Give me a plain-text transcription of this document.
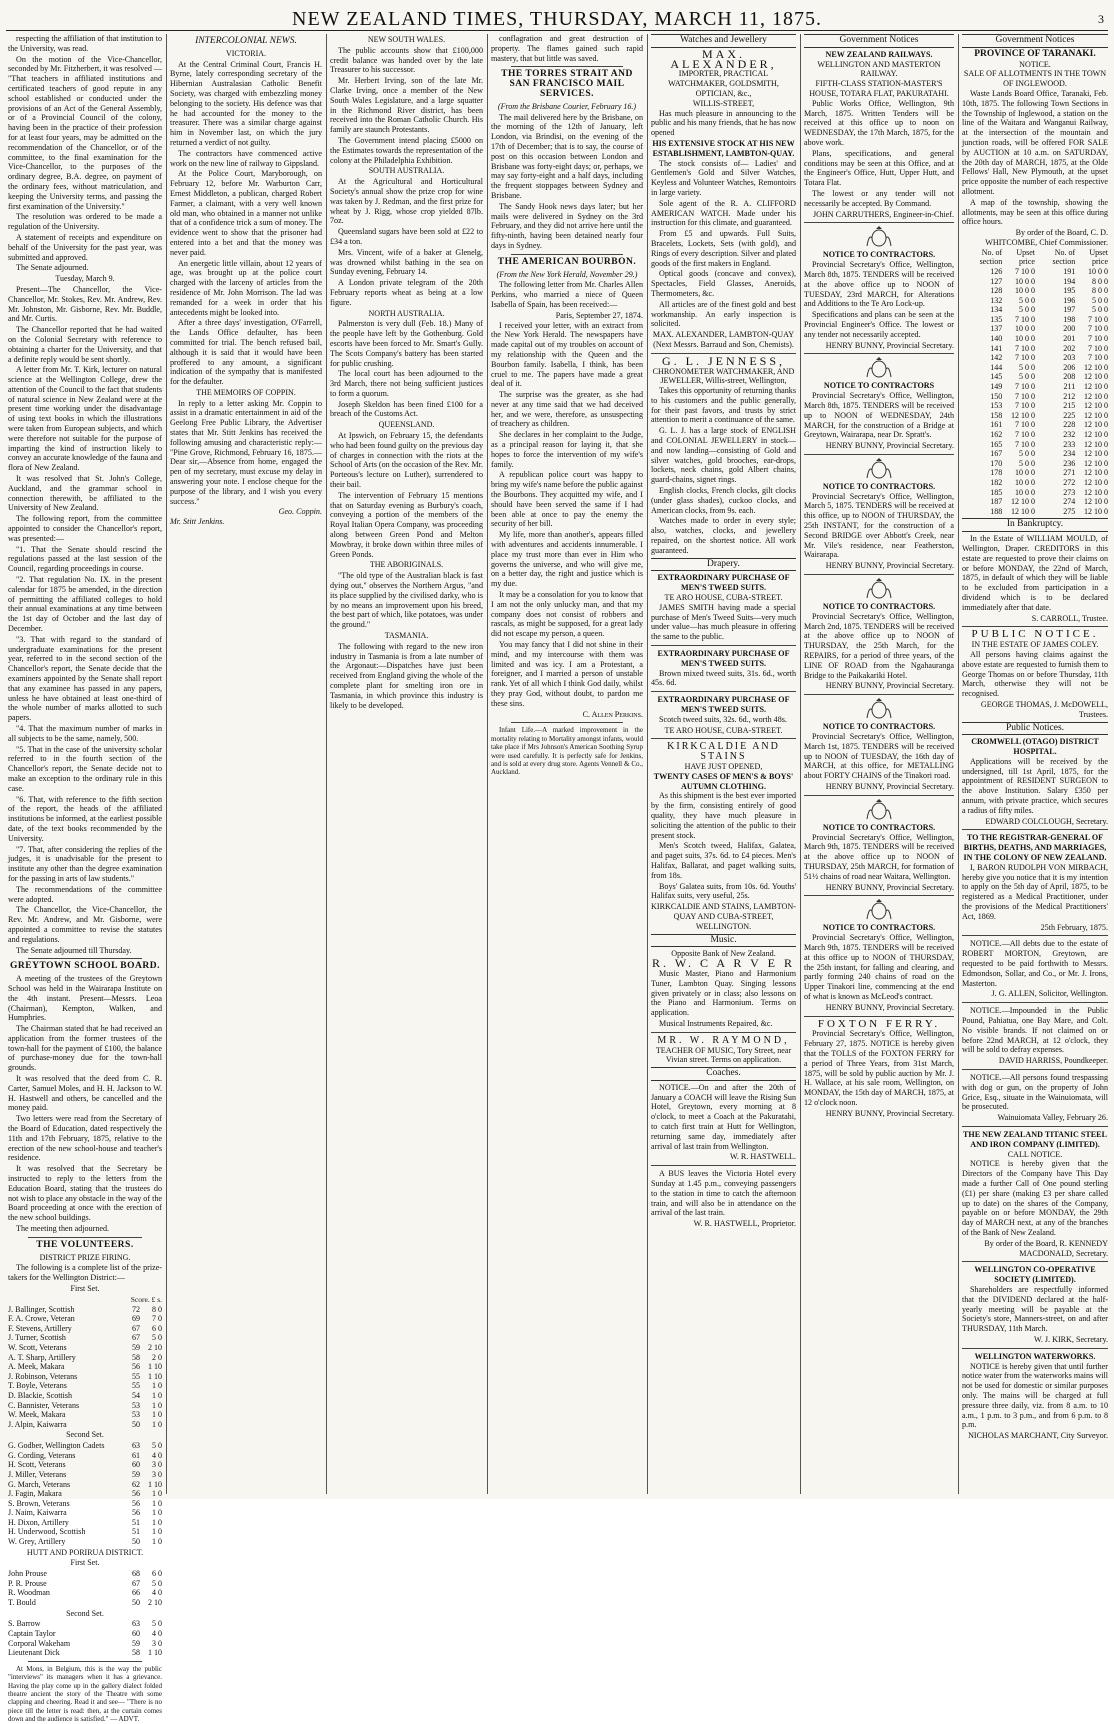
NEW ZEALAND TIMES, THURSDAY, MARCH 11, 1875.	3

respecting the affiliation of that institution to the University, was read.

On the motion of the Vice-Chancellor, seconded by Mr. Fitzherbert, it was resolved — "That teachers in affiliated institutions and certificated teachers of good repute in any school established or conducted under the provisions of an Act of the General Assembly, or of a Provincial Council of the colony, having been in the practice of their profession for at least four years, may be admitted on the recommendation of the Chancellor, or of the committee, to the final examination for the Vice-Chancellor, to the purposes of the ordinary degree, B.A. degree, on payment of the ordinary fees, without matriculation, and keeping the University terms, and passing the first examination of the University."

The resolution was ordered to be made a regulation of the University.

A statement of receipts and expenditure on behalf of the University for the past year, was submitted and approved.

The Senate adjourned.

Tuesday, March 9.

Present—The Chancellor, the Vice-Chancellor, Mr. Stokes, Rev. Mr. Andrew, Rev. Mr. Johnston, Mr. Gisborne, Rev. Mr. Buddle, and Mr. Curtis.

The Chancellor reported that he had waited on the Colonial Secretary with reference to obtaining a charter for the University, and that a definite reply would be sent shortly.

A letter from Mr. T. Kirk, lecturer on natural science at the Wellington College, drew the attention of the Council to the fact that students of natural science in New Zealand were at the present time working under the disadvantage of using text books in which the illustrations were taken from European subjects, and which were therefore not suitable for the purpose of imparting the kind of instruction likely to convey an accurate knowledge of the fauna and flora of New Zealand.

It was resolved that St. John's College, Auckland, and the grammar school in connection therewith, be affiliated to the University of New Zealand.

The following report, from the committee appointed to consider the Chancellor's report, was presented:—

"1. That the Senate should rescind the regulations passed at the last session of the Council, regarding proceedings in course.

"2. That regulation No. IX. in the present calendar for 1875 be amended, in the direction of permitting the affiliated colleges to hold their annual examinations at any time between the 1st day of October and the last day of December.

"3. That with regard to the standard of undergraduate examinations for the present year, referred to in the second section of the Chancellor's report, the Senate decide that the examiners appointed by the Senate shall report that any examinee has passed in any papers, unless he have obtained at least one-third of the whole number of marks allotted to such papers.

"4. That the maximum number of marks in all subjects to be the same, namely, 500.

"5. That in the case of the university scholar referred to in the fourth section of the Chancellor's report, the Senate decide not to make an exception to the ordinary rule in this case.

"6. That, with reference to the fifth section of the report, the heads of the affiliated institutions be informed, at the earliest possible date, of the text books recommended by the University.

"7. That, after considering the replies of the judges, it is unadvisable for the present to institute any other than the degree examination for the passing in arts of law students."

The recommendations of the committee were adopted.

The Chancellor, the Vice-Chancellor, the Rev. Mr. Andrew, and Mr. Gisborne, were appointed a committee to revise the statutes and regulations.

The Senate adjourned till Thursday.

GREYTOWN SCHOOL BOARD.

A meeting of the trustees of the Greytown School was held in the Wairarapa Institute on the 4th instant. Present—Messrs. Leoa (Chairman), Kempton, Walken, and Humphries.

The Chairman stated that he had received an application from the former trustees of the town-hall for the payment of £100, the balance of purchase-money due for the town-hall grounds.

It was resolved that the deed from C. R. Carter, Samuel Moles, and H. H. Jackson to W. H. Hastwell and others, be cancelled and the money paid.

Two letters were read from the Secretary of the Board of Education, dated respectively the 11th and 17th February, 1875, relative to the erection of the new school-house and teacher's residence.

It was resolved that the Secretary be instructed to reply to the letters from the Education Board, stating that the trustees do not wish to place any obstacle in the way of the Board proceeding at once with the erection of the new school buildings.

The meeting then adjourned.

THE VOLUNTEERS.
DISTRICT PRIZE FIRING.

The following is a complete list of the prize-takers for the Wellington District:—

First Set.
Score. £ s.
J. Ballinger, Scottish	72	8 0
F. A. Crowe, Veteran	69	7 0
F. Stevens, Artillery	67	6 0
J. Turner, Scottish	67	5 0
W. Scott, Veterans	59	2 10
A. T. Sharp, Artillery	58	2 0
A. Meek, Makara	56	1 10
J. Robinson, Veterans	55	1 10
T. Boyle, Veterans	55	1 0
D. Blackie, Scottish	54	1 0
C. Bannister, Veterans	53	1 0
W. Meek, Makara	53	1 0
J. Alpin, Kaiwarra	50	1 0
Second Set.
G. Godber, Wellington Cadets	63	5 0
G. Cording, Veterans	61	4 0
H. Scott, Veterans	60	3 0
J. Miller, Veterans	59	3 0
G. March, Veterans	62	1 10
J. Fagin, Makara	56	1 0
S. Brown, Veterans	56	1 0
J. Naim, Kaiwarra	56	1 0
H. Dixon, Artillery	51	1 0
H. Underwood, Scottish	51	1 0
W. Grey, Artillery	50	1 0
HUTT AND PORIRUA DISTRICT.
First Set.
John Prouse	68	6 0
P. R. Prouse	67	5 0
R. Woodman	66	4 0
T. Bould	50	2 10
Second Set.
S. Barrow	63	5 0
Captain Taylor	60	4 0
Corporal Wakeham	59	3 0
Lieutenant Dick	58	1 10

At Mons, in Belgium, this is the way the public "interviews" its managers when it has a grievance. Having the play come up in the gallery dialect folded theatre ancient the story of the Theatre with some clapping and cheering. Read it and see— "There is no piece till the letter is read: then, at the curtain comes down and the audience is satisfied." — ADVT.

INTERCOLONIAL NEWS.
VICTORIA.

At the Central Criminal Court, Francis H. Byrne, lately corresponding secretary of the Hibernian Australasian Catholic Benefit Society, was charged with embezzling money belonging to the society. His defence was that he had accounted for the money to the treasurer. There was a similar charge against him in November last, on which the jury returned a verdict of not guilty.

The contractors have commenced active work on the new line of railway to Gippsland.

At the Police Court, Maryborough, on February 12, before Mr. Warburton Carr, Ernest Middleton, a publican, charged Robert Farmer, a claimant, with a very well known old man, who obtained in a manner not unlike that of a confidence trick a sum of money. The evidence went to show that the prisoner had entered into a bet and that the money was never paid.

An energetic little villain, about 12 years of age, was brought up at the police court charged with the larceny of articles from the residence of Mr. John Morrison. The lad was remanded for a week in order that his antecedents might be looked into.

After a three days' investigation, O'Farrell, the Lands Office defaulter, has been committed for trial. The bench refused bail, although it is said that it would have been proffered to any amount, a significant indication of the sympathy that is manifested for the defaulter.

THE MEMOIRS OF COPPIN.

In reply to a letter asking Mr. Coppin to assist in a dramatic entertainment in aid of the Geelong Free Public Library, the Advertiser states that Mr. Stitt Jenkins has received the following amusing and characteristic reply:— "Pine Grove, Richmond, February 16, 1875.—Dear sir,—Absence from home, engaged the pen of my secretary, must excuse my delay in answering your note. I enclose cheque for the purpose of the library, and I wish you every success."

Geo. Coppin.
Mr. Stitt Jenkins.
NEW SOUTH WALES.

The public accounts show that £100,000 credit balance was handed over by the late Treasurer to his successor.

Mr. Herbert Irving, son of the late Mr. Clarke Irving, once a member of the New South Wales Legislature, and a large squatter in the Richmond River district, has been received into the Roman Catholic Church. His family are staunch Protestants.

The Government intend placing £5000 on the Estimates towards the representation of the colony at the Philadelphia Exhibition.

SOUTH AUSTRALIA.

At the Agricultural and Horticultural Society's annual show the prize crop for wine was taken by J. Redman, and the first prize for wheat by J. Rigg, whose crop yielded 87lb. 7oz.

Queensland sugars have been sold at £22 to £34 a ton.

Mrs. Vincent, wife of a baker at Glenelg, was drowned whilst bathing in the sea on Sunday evening, February 14.

A London private telegram of the 20th February reports wheat as being at a low figure.

NORTH AUSTRALIA.

Palmerston is very dull (Feb. 18.) Many of the people have left by the Gothenburg. Gold escorts have been forced to Mr. Smart's Gully. The Scots Company's battery has been started for public crushing.

The local court has been adjourned to the 3rd March, there not being sufficient justices to form a quorum.

Joseph Skeldon has been fined £100 for a breach of the Customs Act.

QUEENSLAND.

At Ipswich, on February 15, the defendants who had been found guilty on the previous day of charges in connection with the riots at the School of Arts (on the occasion of the Rev. Mr. Porteous's lecture on Luther), surrendered to their bail.

The intervention of February 15 mentions that on Saturday evening as Burbury's coach, conveying a portion of the members of the Royal Italian Opera Company, was proceeding along between Green Pond and Melton Mowbray, it broke down within three miles of Green Ponds.

THE ABORIGINALS.

"The old type of the Australian black is fast dying out," observes the Northern Argus, "and its place supplied by the civilised darky, who is by no means an improvement upon his breed, the best part of which, like potatoes, was under the ground."

TASMANIA.

The following with regard to the new iron industry in Tasmania is from a late number of the Argonaut:—Dispatches have just been received from England giving the whole of the complete plant for smelting iron ore in Tasmania, in which province this industry is likely to be developed.

conflagration and great destruction of property. The flames gained such rapid mastery, that but little was saved.

THE TORRES STRAIT AND SAN FRANCISCO MAIL SERVICES.
(From the Brisbane Courier, February 16.)

The mail delivered here by the Brisbane, on the morning of the 12th of January, left London, via Brindisi, on the evening of the 17th of December; that is to say, the course of post on this occasion between London and Brisbane was forty-eight days; or, perhaps, we may say forty-eight and a half days, including the frequent stoppages between Sydney and Brisbane.

The Sandy Hook news days later; but her mails were delivered in Sydney on the 3rd February, and they did not arrive here until the fifty-ninth, having been detained nearly four days in Sydney.

THE AMERICAN BOURBON.
(From the New York Herald, November 29.)

The following letter from Mr. Charles Allen Perkins, who married a niece of Queen Isabella of Spain, has been received:—

Paris, September 27, 1874.

I received your letter, with an extract from the New York Herald. The newspapers have made capital out of my troubles on account of my relationship with the Queen and the Bourbon family. Isabella, I think, has been cruel to me. The papers have made a great deal of it.

The surprise was the greater, as she had never at any time said that we had deceived her, and we were, therefore, as unsuspecting of treachery as children.

She declares in her complaint to the Judge, as a principal reason for laying it, that she hopes to force the intervention of my wife's family.

A republican police court was happy to bring my wife's name before the public against the Bourbons. They acquitted my wife, and I should have been served the same if I had been able at once to pay the enemy the security of her bill.

My life, more than another's, appears filled with adventures and accidents innumerable. I place my trust more than ever in Him who governs the universe, and who will give me, on a better day, the right and justice which is my due.

It may be a consolation for you to know that I am not the only unlucky man, and that my company does not consist of robbers and rascals, as might be supposed, for a great lady did not escape my person, a queen.

You may fancy that I did not shine in their mind, and my intercourse with them was limited and was icy. I am a Protestant, a foreigner, and I married a person of unstable rank. Yet of all which I think God daily, whilst they pray God, without doubt, to pardon me these sins.

C. Allen Perkins.

Infant Life.—A marked improvement in the mortality relating to Mortality amongst infants, would take place if Mrs Johnson's American Soothing Syrup were used carefully. It is perfectly safe for Jenkins, and is sold at every drug store. Agents Vennell & Co., Auckland.

Watches and Jewellery
MAX. ALEXANDER,
IMPORTER, PRACTICAL WATCHMAKER, GOLDSMITH, OPTICIAN, &c.,
WILLIS-STREET,

Has much pleasure in announcing to the public and his many friends, that he has now opened

HIS EXTENSIVE STOCK AT HIS NEW ESTABLISHMENT, LAMBTON-QUAY.

The stock consists of— Ladies' and Gentlemen's Gold and Silver Watches, Keyless and Volunteer Watches, Remontoirs in large variety.

Sole agent of the R. A. CLIFFORD AMERICAN WATCH. Made under his instruction for this climate, and guaranteed.

From £5 and upwards. Full Suits, Bracelets, Lockets, Sets (with gold), and Rings of every description. Silver and plated goods of the first makers in England.

Optical goods (concave and convex), Spectacles, Field Glasses, Aneroids, Thermometers, &c.

All articles are of the finest gold and best workmanship. An early inspection is solicited.

MAX. ALEXANDER, LAMBTON-QUAY (Next Messrs. Barraud and Son, Chemists).
G. L. JENNESS,
CHRONOMETER WATCHMAKER, AND JEWELLER, Willis-street, Wellington,

Takes this opportunity of returning thanks to his customers and the public generally, for their past favors, and trusts by strict attention to merit a continuance of the same.

G. L. J. has a large stock of ENGLISH and COLONIAL JEWELLERY in stock—and now landing—consisting of Gold and silver watches, gold brooches, ear-drops, lockets, neck chains, gold Albert chains, guard-chains, signet rings.

English clocks, French clocks, gilt clocks (under glass shades), cuckoo clocks, and American clocks, from 9s. each.

Watches made to order in every style; also, watches, clocks, and jewellery repaired, on the shortest notice. All work guaranteed.

Drapery.
EXTRAORDINARY PURCHASE OF MEN'S TWEED SUITS.
TE ARO HOUSE, CUBA-STREET.

JAMES SMITH having made a special purchase of Men's Tweed Suits—very much under value—has much pleasure in offering the same to the public.

EXTRAORDINARY PURCHASE OF MEN'S TWEED SUITS.

Brown mixed tweed suits, 31s. 6d., worth 45s. 6d.

EXTRAORDINARY PURCHASE OF MEN'S TWEED SUITS.

Scotch tweed suits, 32s. 6d., worth 48s.

TE ARO HOUSE, CUBA-STREET.
KIRKCALDIE AND STAINS
HAVE JUST OPENED,
TWENTY CASES OF MEN'S & BOYS' AUTUMN CLOTHING.

As this shipment is the best ever imported by the firm, consisting entirely of good quality, they have much pleasure in soliciting the attention of the public to their present stock.

Men's Scotch tweed, Halifax, Galatea, and paget suits, 37s. 6d. to £4 pieces. Men's Halifax, Ballarat, and paget walking suits, from 18s.

Boys' Galatea suits, from 10s. 6d. Youths' Halifax suits, very useful, 25s.

KIRKCALDIE AND STAINS, LAMBTON-QUAY AND CUBA-STREET, WELLINGTON.
Music.
Opposite Bank of New Zealand.
R. W. C A R V E R

Music Master, Piano and Harmonium Tuner, Lambton Quay. Singing lessons given privately or in class; also lessons on the Piano and Harmonium. Terms on application.

Musical Instruments Repaired, &c.

MR. W. RAYMOND,
TEACHER OF MUSIC, Tory Street, near Vivian street. Terms on application.
Coaches.

NOTICE.—On and after the 20th of January a COACH will leave the Rising Sun Hotel, Greytown, every morning at 8 o'clock, to meet a Coach at the Pakuratahi, to catch first train at Hutt for Wellington, returning same day, immediately after arrival of last train from Wellington.

W. R. HASTWELL.

A BUS leaves the Victoria Hotel every Sunday at 1.45 p.m., conveying passengers to the station in time to catch the afternoon train, and will also be in attendance on the arrival of the last train.

W. R. HASTWELL, Proprietor.
Government Notices
NEW ZEALAND RAILWAYS.
WELLINGTON AND MASTERTON RAILWAY.
FIFTH-CLASS STATION-MASTER'S HOUSE, TOTARA FLAT, PAKURATAHI.

Public Works Office, Wellington, 9th March, 1875. Written Tenders will be received at this office up to noon on WEDNESDAY, the 17th March, 1875, for the above work.

Plans, specifications, and general conditions may be seen at this Office, and at the Engineer's Office, Hutt, Upper Hutt, and Totara Flat.

The lowest or any tender will not necessarily be accepted. By Command.

JOHN CARRUTHERS, Engineer-in-Chief.
NOTICE TO CONTRACTORS.

Provincial Secretary's Office, Wellington, March 8th, 1875. TENDERS will be received at the above office up to NOON of TUESDAY, 23rd MARCH, for Alterations and Additions to the Te Aro Lock-up.

Specifications and plans can be seen at the Provincial Engineer's Office. The lowest or any tender not necessarily accepted.

HENRY BUNNY, Provincial Secretary.
NOTICE TO CONTRACTORS

Provincial Secretary's Office, Wellington, March 8th, 1875. TENDERS will be received up to NOON of WEDNESDAY, 24th MARCH, for the construction of a Bridge at Greytown, Wairarapa, near Dr. Spratt's.

HENRY BUNNY, Provincial Secretary.
NOTICE TO CONTRACTORS.

Provincial Secretary's Office, Wellington, March 5, 1875. TENDERS will be received at this office, up to NOON of THURSDAY, the 25th INSTANT, for the construction of a Second BRIDGE over Abbott's Creek, near Mr. Vile's residence, near Featherston, Wairarapa.

HENRY BUNNY, Provincial Secretary.
NOTICE TO CONTRACTORS.

Provincial Secretary's Office, Wellington, March 2nd, 1875. TENDERS will be received at the above office up to NOON of THURSDAY, the 25th March, for the REPAIRS, for a period of three years, of the LINE OF ROAD from the Ngahauranga Bridge to the Paikakariki Hotel.

HENRY BUNNY, Provincial Secretary.
NOTICE TO CONTRACTORS.

Provincial Secretary's Office, Wellington, March 1st, 1875. TENDERS will be received up to NOON of TUESDAY, the 16th day of MARCH, at this office, for METALLING about FORTY CHAINS of the Tinakori road.

HENRY BUNNY, Provincial Secretary.
NOTICE TO CONTRACTORS.

Provincial Secretary's Office, Wellington, March 9th, 1875. TENDERS will be received at the above office up to NOON of THURSDAY, 25th MARCH, for formation of 51½ chains of road near Waitara, Wellington.

HENRY BUNNY, Provincial Secretary.
NOTICE TO CONTRACTORS.

Provincial Secretary's Office, Wellington, March 9th, 1875. TENDERS will be received at this office up to NOON of THURSDAY, the 25th instant, for falling and clearing, and partly forming 240 chains of road on the Upper Tinakori line, commencing at the end of what is known as McLeod's contract.

HENRY BUNNY, Provincial Secretary.
FOXTON FERRY.

Provincial Secretary's Office, Wellington, February 27, 1875. NOTICE is hereby given that the TOLLS of the FOXTON FERRY for a period of Three Years, from 31st March, 1875, will be sold by public auction by Mr. J. H. Wallace, at his sale room, Wellington, on MONDAY, the 15th day of MARCH, 1875, at 12 o'clock noon.

HENRY BUNNY, Provincial Secretary.
Government Notices
PROVINCE OF TARANAKI.
NOTICE.
SALE OF ALLOTMENTS IN THE TOWN OF INGLEWOOD.

Waste Lands Board Office, Taranaki, Feb. 10th, 1875. The following Town Sections in the Township of Inglewood, a station on the line of the Waitara and Wanganui Railway, at the intersection of the mountain and junction roads, will be offered FOR SALE by AUCTION at 10 a.m. on SATURDAY, the 20th day of MARCH, 1875, at the Olde Fellows' Hall, New Plymouth, at the upset price opposite the number of each respective allotment.

A map of the township, showing the allotments, may be seen at this office during office hours.

By order of the Board, C. D. WHITCOMBE, Chief Commissioner.
No. of section	Upset price	No. of section	Upset price
126	7 10 0	191	10 0 0
127	10 0 0	194	8 0 0
128	10 0 0	195	8 0 0
132	5 0 0	196	5 0 0
134	5 0 0	197	5 0 0
135	7 10 0	198	7 10 0
137	10 0 0	200	7 10 0
140	10 0 0	201	7 10 0
141	7 10 0	202	7 10 0
142	7 10 0	203	7 10 0
144	5 0 0	206	12 10 0
145	5 0 0	208	12 10 0
149	7 10 0	211	12 10 0
150	7 10 0	212	12 10 0
153	7 10 0	215	12 10 0
158	12 10 0	225	12 10 0
161	7 10 0	228	12 10 0
162	7 10 0	232	12 10 0
165	7 10 0	233	12 10 0
167	5 0 0	234	12 10 0
170	5 0 0	236	12 10 0
178	10 0 0	271	12 10 0
182	10 0 0	272	12 10 0
185	10 0 0	273	12 10 0
187	12 10 0	274	12 10 0
188	12 10 0	275	12 10 0
In Bankruptcy.

In the Estate of WILLIAM MOULD, of Wellington, Draper. CREDITORS in this estate are requested to prove their claims on or before MONDAY, the 22nd of March, 1875, in default of which they will be liable to be excluded from participation in a dividend which is to be declared immediately after that date.

S. CARROLL, Trustee.
PUBLIC NOTICE.
IN THE ESTATE OF JAMES COLEY.

All persons having claims against the above estate are requested to furnish them to George Thomas on or before Thursday, 11th March, otherwise they will not be recognised.

GEORGE THOMAS, J. McDOWELL, Trustees.
Public Notices.
CROMWELL (OTAGO) DISTRICT HOSPITAL.

Applications will be received by the undersigned, till 1st April, 1875, for the appointment of RESIDENT SURGEON to the above Institution. Salary £350 per annum, with private practice, which secures a radius of fifty miles.

EDWARD COLCLOUGH, Secretary.
TO THE REGISTRAR-GENERAL OF BIRTHS, DEATHS, AND MARRIAGES, IN THE COLONY OF NEW ZEALAND.

I, BARON RUDOLPH VON MIRBACH, hereby give you notice that it is my intention to apply on the 5th day of April, 1875, to be registered as a Medical Practitioner, under the provisions of the Medical Practitioners' Act, 1869.

25th February, 1875.

NOTICE.—All debts due to the estate of ROBERT MORTON, Greytown, are requested to be paid forthwith to Messrs. Edmondson, Sollar, and Co., or Mr. J. Irons, Masterton.

J. G. ALLEN, Solicitor, Wellington.

NOTICE.—Impounded in the Public Pound, Pahiatua, one Bay Mare, and Colt. No visible brands. If not claimed on or before 22nd MARCH, at 12 o'clock, they will be sold to defray expenses.

DAVID HARRISS, Poundkeeper.

NOTICE.—All persons found trespassing with dog or gun, on the property of John Grice, Esq., situate in the Wainuiomata, will be prosecuted.

Wainuiomata Valley, February 26.
THE NEW ZEALAND TITANIC STEEL AND IRON COMPANY (LIMITED).
CALL NOTICE.

NOTICE is hereby given that the Directors of the Company have This Day made a further Call of One pound sterling (£1) per share (making £3 per share called up to date) on the shares of the Company, payable on or before MONDAY, the 29th day of MARCH next, at any of the branches of the Bank of New Zealand.

By order of the Board, R. KENNEDY MACDONALD, Secretary.
WELLINGTON CO-OPERATIVE SOCIETY (LIMITED).

Shareholders are respectfully informed that the DIVIDEND declared at the half-yearly meeting will be payable at the Society's store, Manners-street, on and after THURSDAY, 11th March.

W. J. KIRK, Secretary.
WELLINGTON WATERWORKS.

NOTICE is hereby given that until further notice water from the waterworks mains will not be used for domestic or similar purposes only. The mains will be charged at full pressure three daily, viz. from 8 a.m. to 10 a.m., 1 p.m. to 3 p.m., and from 6 p.m. to 8 p.m.

NICHOLAS MARCHANT, City Surveyor.
